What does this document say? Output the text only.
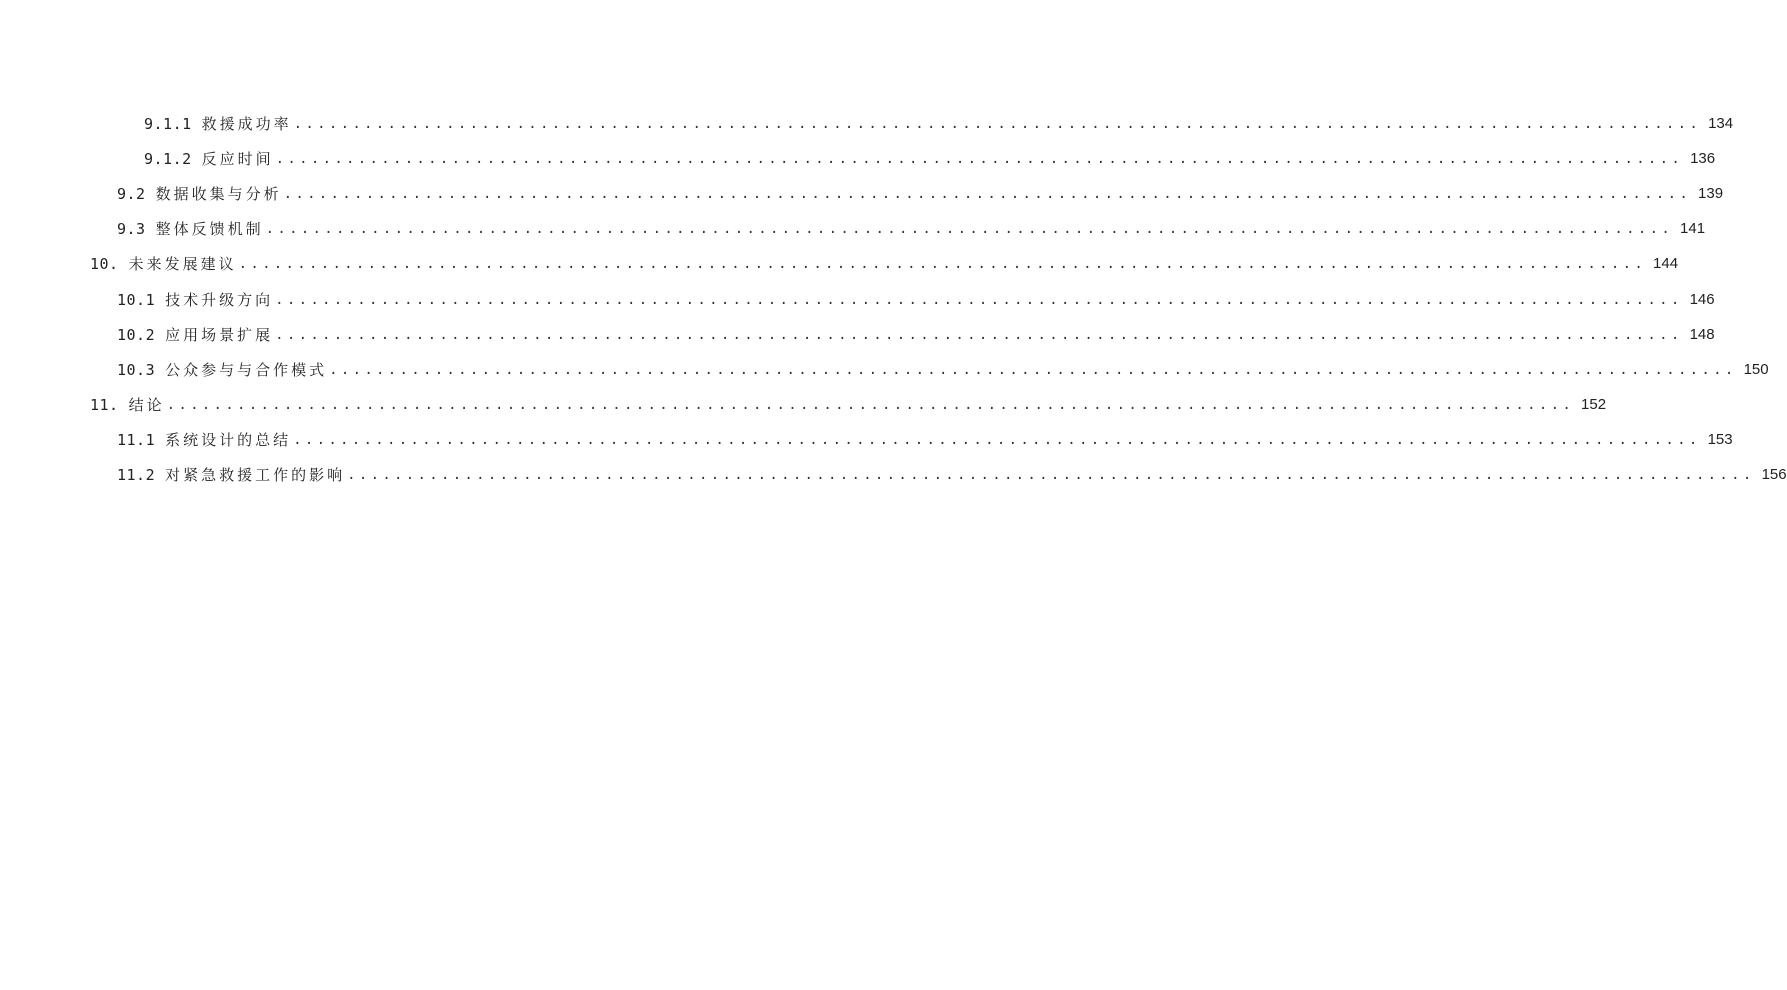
9.1.1 救援成功率 ........................................................................................................................ 134
9.1.2 反应时间 ........................................................................................................................ 136
9.2 数据收集与分析 ........................................................................................................................ 139
9.3 整体反馈机制 ........................................................................................................................ 141
10. 未来发展建议 ........................................................................................................................ 144
10.1 技术升级方向 ........................................................................................................................ 146
10.2 应用场景扩展 ........................................................................................................................ 148
10.3 公众参与与合作模式 ........................................................................................................................ 150
11. 结论 ........................................................................................................................ 152
11.1 系统设计的总结 ........................................................................................................................ 153
11.2 对紧急救援工作的影响 ........................................................................................................................ 156
